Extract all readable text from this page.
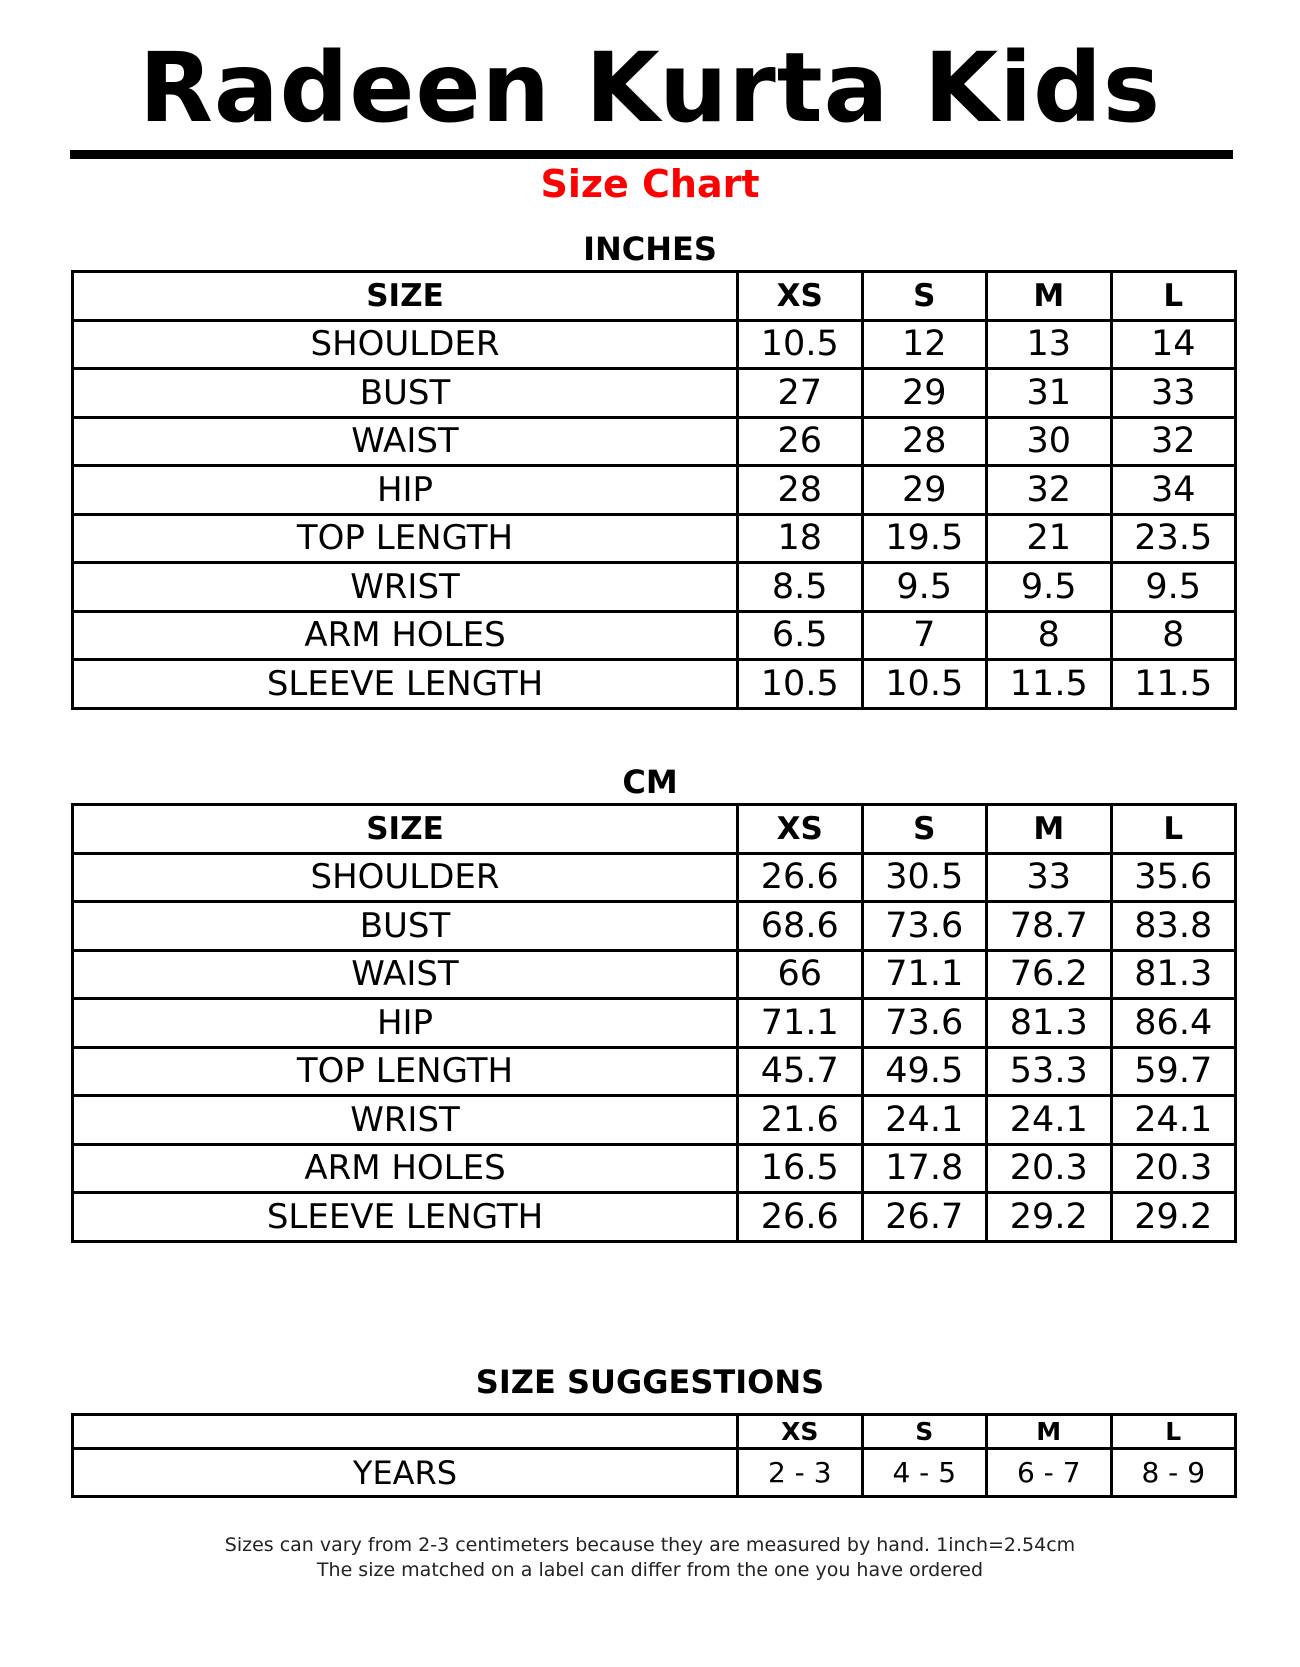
Radeen Kurta Kids
Size Chart
INCHES
SIZE	XS	S	M	L
SHOULDER	10.5	12	13	14
BUST	27	29	31	33
WAIST	26	28	30	32
HIP	28	29	32	34
TOP LENGTH	18	19.5	21	23.5
WRIST	8.5	9.5	9.5	9.5
ARM HOLES	6.5	7	8	8
SLEEVE LENGTH	10.5	10.5	11.5	11.5
CM
SIZE	XS	S	M	L
SHOULDER	26.6	30.5	33	35.6
BUST	68.6	73.6	78.7	83.8
WAIST	66	71.1	76.2	81.3
HIP	71.1	73.6	81.3	86.4
TOP LENGTH	45.7	49.5	53.3	59.7
WRIST	21.6	24.1	24.1	24.1
ARM HOLES	16.5	17.8	20.3	20.3
SLEEVE LENGTH	26.6	26.7	29.2	29.2
SIZE SUGGESTIONS
	XS	S	M	L
YEARS	2 - 3	4 - 5	6 - 7	8 - 9
Sizes can vary from 2-3 centimeters because they are measured by hand. 1inch=2.54cm
The size matched on a label can differ from the one you have ordered
